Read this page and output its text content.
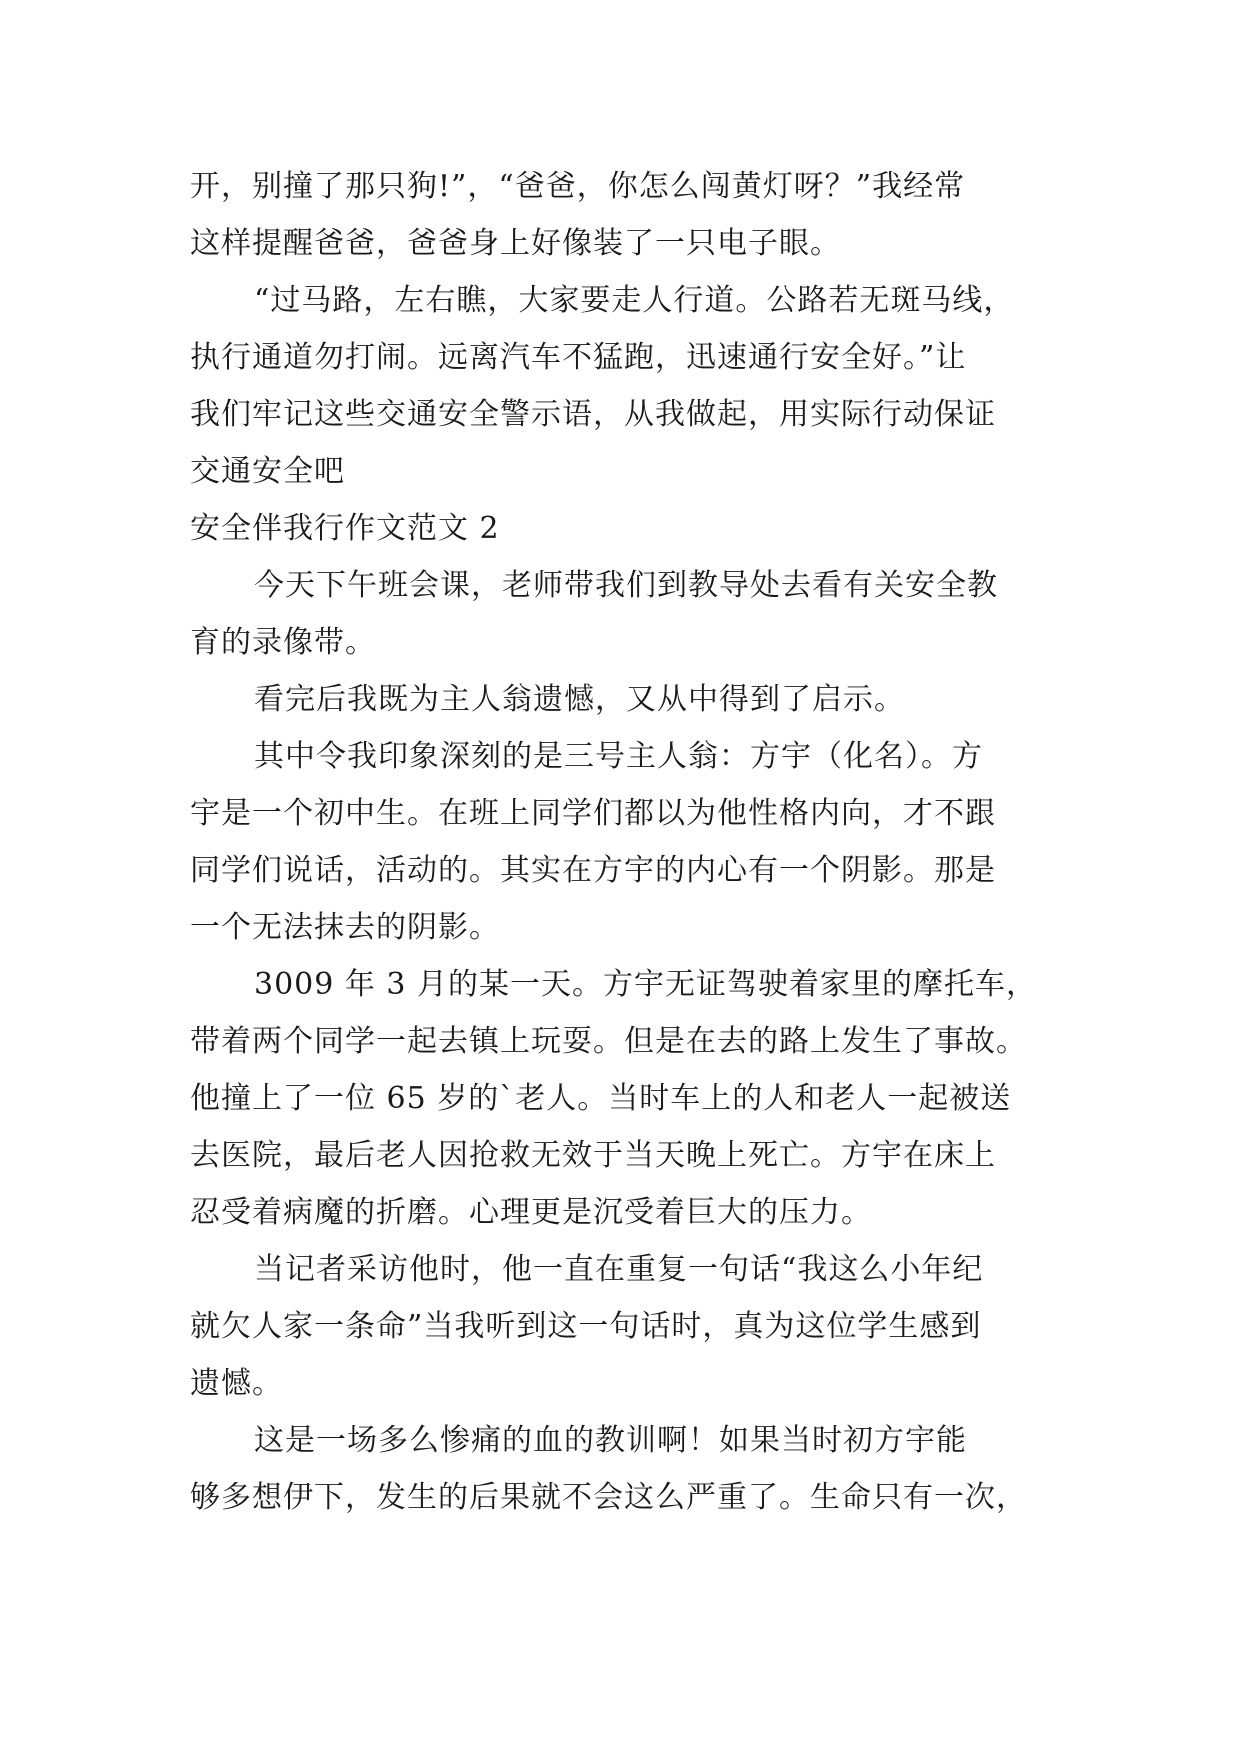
开，别撞了那只狗!”，“爸爸，你怎么闯黄灯呀？”我经常
这样提醒爸爸，爸爸身上好像装了一只电子眼。
“过马路，左右瞧，大家要走人行道。公路若无斑马线，
执行通道勿打闹。远离汽车不猛跑，迅速通行安全好。”让
我们牢记这些交通安全警示语，从我做起，用实际行动保证
交通安全吧
安全伴我行作文范文 2
今天下午班会课，老师带我们到教导处去看有关安全教
育的录像带。
看完后我既为主人翁遗憾，又从中得到了启示。
其中令我印象深刻的是三号主人翁：方宇（化名）。方
宇是一个初中生。在班上同学们都以为他性格内向，才不跟
同学们说话，活动的。其实在方宇的内心有一个阴影。那是
一个无法抹去的阴影。
3009 年 3 月的某一天。方宇无证驾驶着家里的摩托车，
带着两个同学一起去镇上玩耍。但是在去的路上发生了事故。
他撞上了一位 65 岁的`老人。当时车上的人和老人一起被送
去医院，最后老人因抢救无效于当天晚上死亡。方宇在床上
忍受着病魔的折磨。心理更是沉受着巨大的压力。
当记者采访他时，他一直在重复一句话“我这么小年纪
就欠人家一条命”当我听到这一句话时，真为这位学生感到
遗憾。
这是一场多么惨痛的血的教训啊！如果当时初方宇能
够多想伊下，发生的后果就不会这么严重了。生命只有一次，
